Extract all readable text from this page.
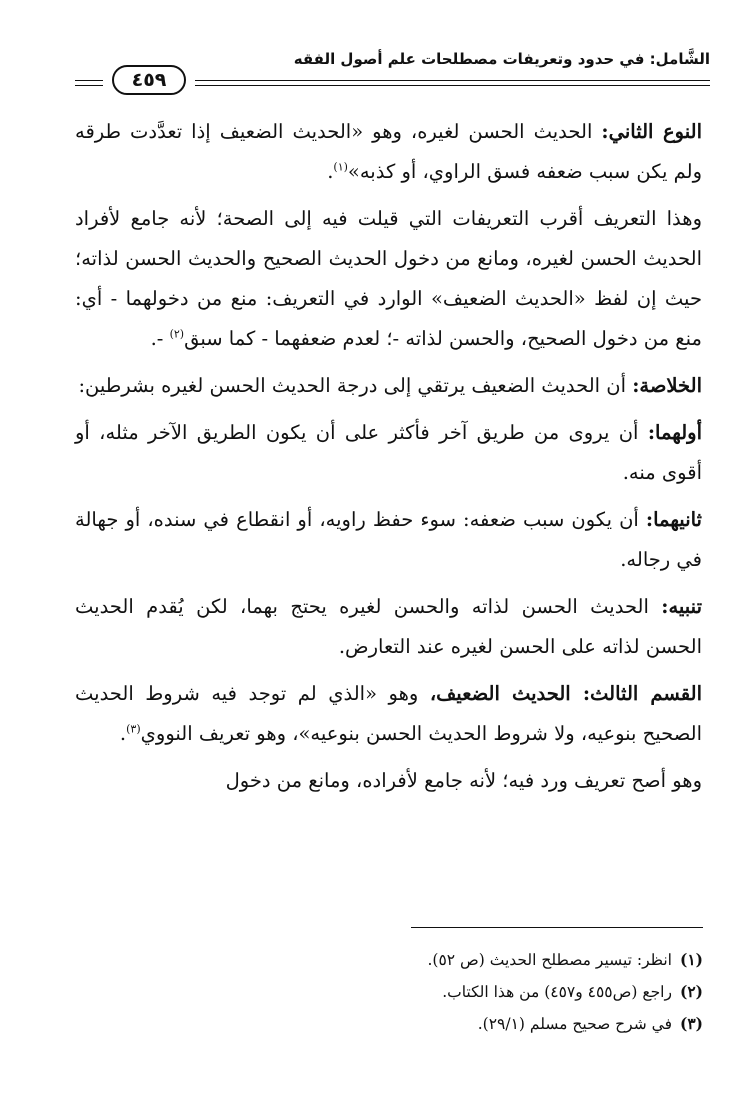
الشَّامل: في حدود وتعريفات مصطلحات علم أصول الفقه
٤٥٩

النوع الثاني: الحديث الحسن لغيره، وهو «الحديث الضعيف إذا تعدَّدت طرقه ولم يكن سبب ضعفه فسق الراوي، أو كذبه»$^{(١)}$.

وهذا التعريف أقرب التعريفات التي قيلت فيه إلى الصحة؛ لأنه جامع لأفراد الحديث الحسن لغيره، ومانع من دخول الحديث الصحيح والحديث الحسن لذاته؛ حيث إن لفظ «الحديث الضعيف» الوارد في التعريف: منع من دخولهما - أي: منع من دخول الصحيح، والحسن لذاته -؛ لعدم ضعفهما - كما سبق$^{(٢)}$ -.

الخلاصة: أن الحديث الضعيف يرتقي إلى درجة الحديث الحسن لغيره بشرطين:

أولهما: أن يروى من طريق آخر فأكثر على أن يكون الطريق الآخر مثله، أو أقوى منه.

ثانيهما: أن يكون سبب ضعفه: سوء حفظ راويه، أو انقطاع في سنده، أو جهالة في رجاله.

تنبيه: الحديث الحسن لذاته والحسن لغيره يحتج بهما، لكن يُقدم الحديث الحسن لذاته على الحسن لغيره عند التعارض.

القسم الثالث: الحديث الضعيف، وهو «الذي لم توجد فيه شروط الحديث الصحيح بنوعيه، ولا شروط الحديث الحسن بنوعيه»، وهو تعريف النووي$^{(٣)}$.

وهو أصح تعريف ورد فيه؛ لأنه جامع لأفراده، ومانع من دخول

(١)انظر: تيسير مصطلح الحديث (ص ٥٢).
(٢)راجع (ص٤٥٥ و٤٥٧) من هذا الكتاب.
(٣)في شرح صحيح مسلم (٢٩/١).
